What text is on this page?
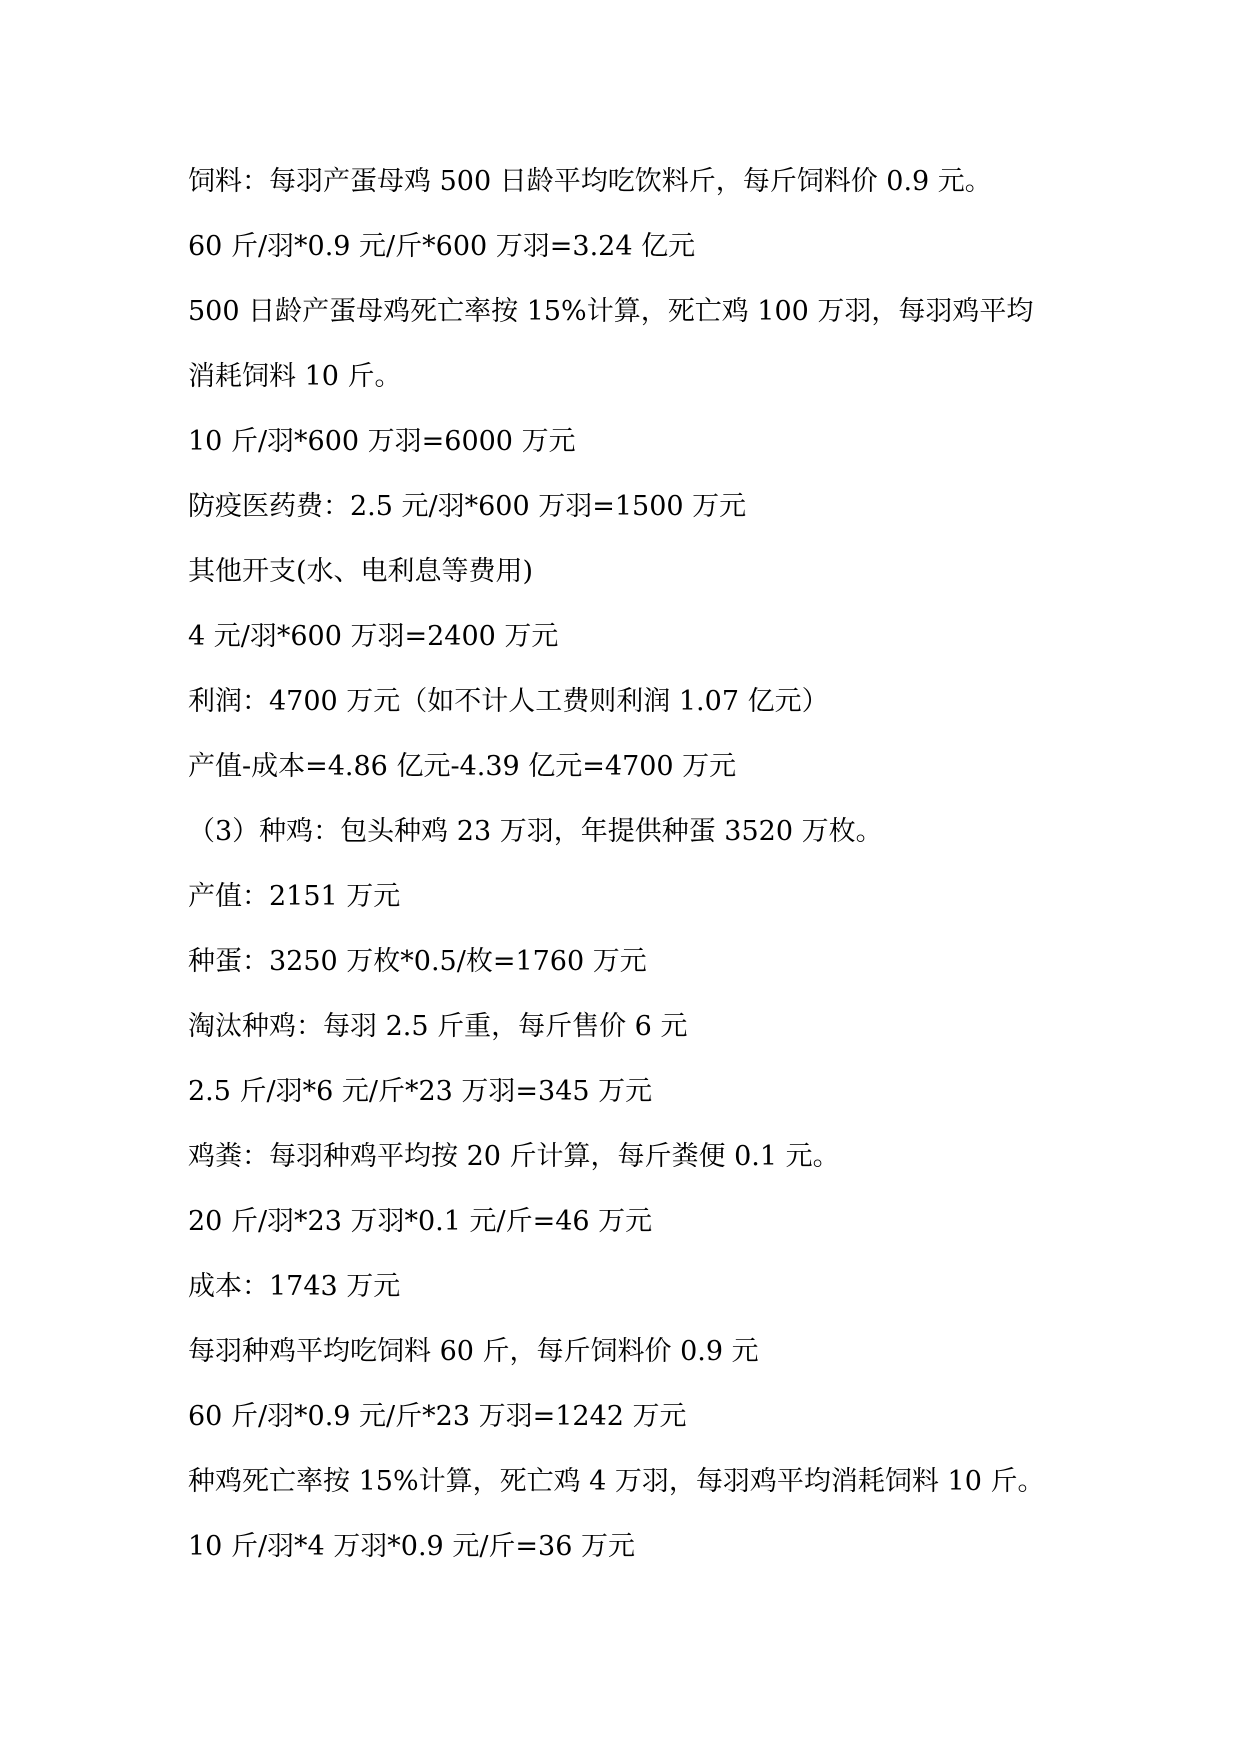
饲料：每羽产蛋母鸡 500 日龄平均吃饮料斤，每斤饲料价 0.9 元。

60 斤/羽*0.9 元/斤*600 万羽=3.24 亿元

500 日龄产蛋母鸡死亡率按 15%计算，死亡鸡 100 万羽，每羽鸡平均

消耗饲料 10 斤。

10 斤/羽*600 万羽=6000 万元

防疫医药费：2.5 元/羽*600 万羽=1500 万元

其他开支(水、电利息等费用)

4 元/羽*600 万羽=2400 万元

利润：4700 万元（如不计人工费则利润 1.07 亿元）

产值-成本=4.86 亿元-4.39 亿元=4700 万元

（3）种鸡：包头种鸡 23 万羽，年提供种蛋 3520 万枚。

产值：2151 万元

种蛋：3250 万枚*0.5/枚=1760 万元

淘汰种鸡：每羽 2.5 斤重，每斤售价 6 元

2.5 斤/羽*6 元/斤*23 万羽=345 万元

鸡粪：每羽种鸡平均按 20 斤计算，每斤粪便 0.1 元。

20 斤/羽*23 万羽*0.1 元/斤=46 万元

成本：1743 万元

每羽种鸡平均吃饲料 60 斤，每斤饲料价 0.9 元

60 斤/羽*0.9 元/斤*23 万羽=1242 万元

种鸡死亡率按 15%计算，死亡鸡 4 万羽，每羽鸡平均消耗饲料 10 斤。

10 斤/羽*4 万羽*0.9 元/斤=36 万元
